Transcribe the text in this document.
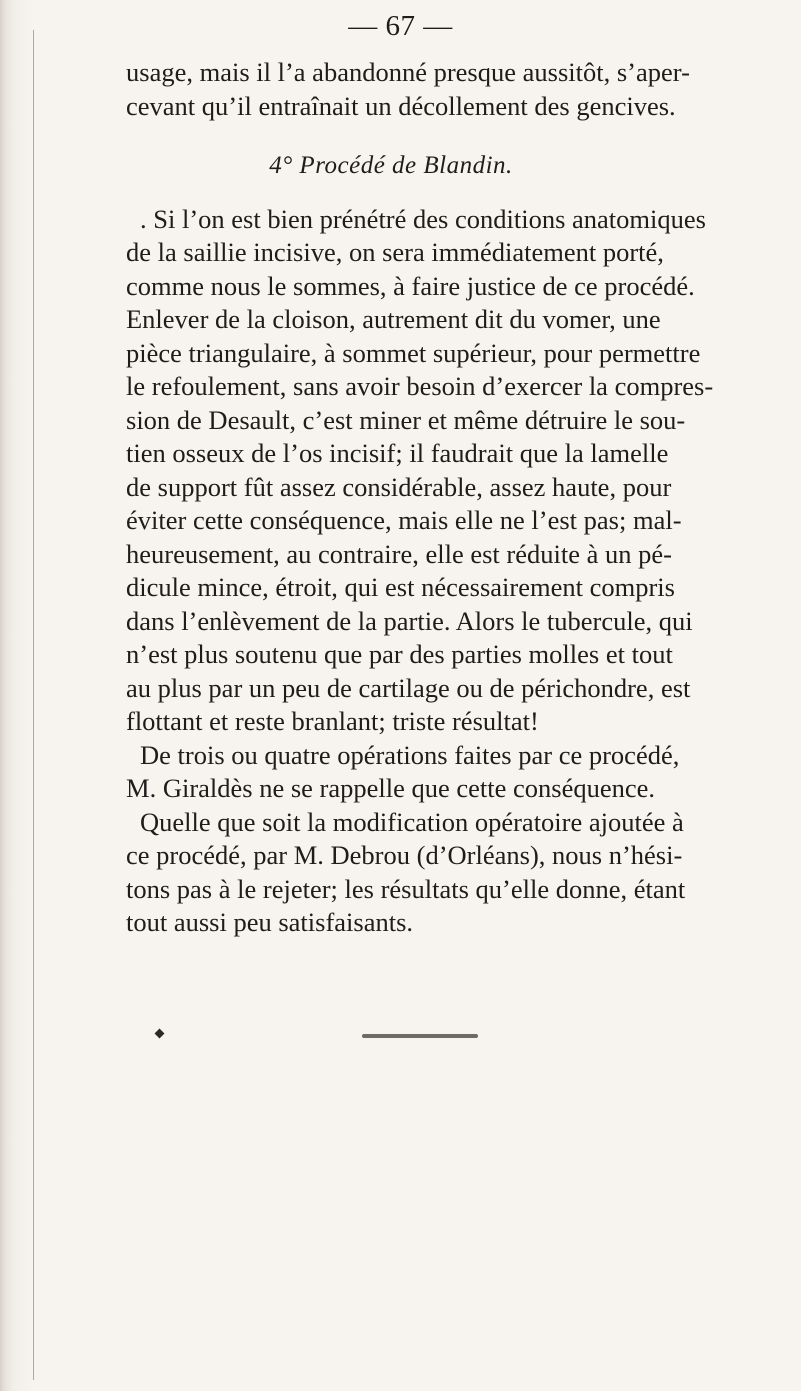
— 67 —
usage, mais il l’a abandonné presque aussitôt, s’aper-
cevant qu’il entraînait un décollement des gencives.
4° Procédé de Blandin.
. Si l’on est bien prénétré des conditions anatomiques
de la saillie incisive, on sera immédiatement porté,
comme nous le sommes, à faire justice de ce procédé.
Enlever de la cloison, autrement dit du vomer, une
pièce triangulaire, à sommet supérieur, pour permettre
le refoulement, sans avoir besoin d’exercer la compres-
sion de Desault, c’est miner et même détruire le sou-
tien osseux de l’os incisif; il faudrait que la lamelle
de support fût assez considérable, assez haute, pour
éviter cette conséquence, mais elle ne l’est pas; mal-
heureusement, au contraire, elle est réduite à un pé-
dicule mince, étroit, qui est nécessairement compris
dans l’enlèvement de la partie. Alors le tubercule, qui
n’est plus soutenu que par des parties molles et tout
au plus par un peu de cartilage ou de périchondre, est
flottant et reste branlant; triste résultat!
De trois ou quatre opérations faites par ce procédé,
M. Giraldès ne se rappelle que cette conséquence.
Quelle que soit la modification opératoire ajoutée à
ce procédé, par M. Debrou (d’Orléans), nous n’hési-
tons pas à le rejeter; les résultats qu’elle donne, étant
tout aussi peu satisfaisants.
